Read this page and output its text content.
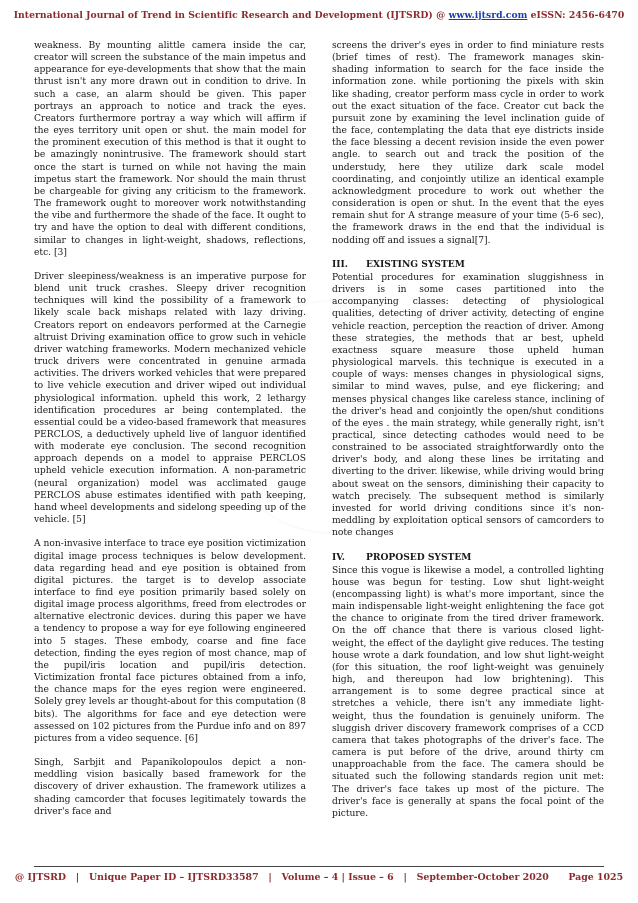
International Journal of Trend in Scientific Research and Development (IJTSRD) @ www.ijtsrd.com eISSN: 2456-6470

weakness. By mounting alittle camera inside the car, creator will screen the substance of the main impetus and appearance for eye-developments that show that the main thrust isn't any more drawn out in condition to drive. In such a case, an alarm should be given. This paper portrays an approach to notice and track the eyes. Creators furthermore portray a way which will affirm if the eyes territory unit open or shut. the main model for the prominent execution of this method is that it ought to be amazingly nonintrusive. The framework should start once the start is turned on while not having the main impetus start the framework. Nor should the main thrust be chargeable for giving any criticism to the framework. The framework ought to moreover work notwithstanding the vibe and furthermore the shade of the face. It ought to try and have the option to deal with different conditions, similar to changes in light-weight, shadows, reflections, etc. [3]

Driver sleepiness/weakness is an imperative purpose for blend unit truck crashes. Sleepy driver recognition techniques will kind the possibility of a framework to likely scale back mishaps related with lazy driving. Creators report on endeavors performed at the Carnegie altruist Driving examination office to grow such in vehicle driver watching frameworks. Modern mechanized vehicle truck drivers were concentrated in genuine armada activities. The drivers worked vehicles that were prepared to live vehicle execution and driver wiped out individual physiological information. upheld this work, 2 lethargy identification procedures ar being contemplated. the essential could be a video-based framework that measures PERCLOS, a deductively upheld live of languor identified with moderate eye conclusion. The second recognition approach depends on a model to appraise PERCLOS upheld vehicle execution information. A non-parametric (neural organization) model was acclimated gauge PERCLOS abuse estimates identified with path keeping, hand wheel developments and sidelong speeding up of the vehicle. [5]

A non-invasive interface to trace eye position victimization digital image process techniques is below development. data regarding head and eye position is obtained from digital pictures. the target is to develop associate interface to find eye position primarily based solely on digital image process algorithms, freed from electrodes or alternative electronic devices. during this paper we have a tendency to propose a way for eye following engineered into 5 stages. These embody, coarse and fine face detection, finding the eyes region of most chance, map of the pupil/iris location and pupil/iris detection. Victimization frontal face pictures obtained from a info, the chance maps for the eyes region were engineered. Solely grey levels ar thought-about for this computation (8 bits). The algorithms for face and eye detection were assessed on 102 pictures from the Purdue info and on 897 pictures from a video sequence. [6]

Singh, Sarbjit and Papanikolopoulos depict a non-meddling vision basically based framework for the discovery of driver exhaustion. The framework utilizes a shading camcorder that focuses legitimately towards the driver's face and

screens the driver's eyes in order to find miniature rests (brief times of rest). The framework manages skin-shading information to search for the face inside the information zone. while portioning the pixels with skin like shading, creator perform mass cycle in order to work out the exact situation of the face. Creator cut back the pursuit zone by examining the level inclination guide of the face, contemplating the data that eye districts inside the face blessing a decent revision inside the even power angle. to search out and track the position of the understudy, here they utilize dark scale model coordinating, and conjointly utilize an identical example acknowledgment procedure to work out whether the consideration is open or shut. In the event that the eyes remain shut for A strange measure of your time (5-6 sec), the framework draws in the end that the individual is nodding off and issues a signal[7].

III. EXISTING SYSTEM

Potential procedures for examination sluggishness in drivers is in some cases partitioned into the accompanying classes: detecting of physiological qualities, detecting of driver activity, detecting of engine vehicle reaction, perception the reaction of driver. Among these strategies, the methods that ar best, upheld exactness square measure those upheld human physiological marvels. this technique is executed in a couple of ways: menses changes in physiological signs, similar to mind waves, pulse, and eye flickering; and menses physical changes like careless stance, inclining of the driver's head and conjointly the open/shut conditions of the eyes . the main strategy, while generally right, isn't practical, since detecting cathodes would need to be constrained to be associated straightforwardly onto the driver's body, and along these lines be irritating and diverting to the driver. likewise, while driving would bring about sweat on the sensors, diminishing their capacity to watch precisely. The subsequent method is similarly invested for world driving conditions since it's non-meddling by exploitation optical sensors of camcorders to note changes

IV. PROPOSED SYSTEM

Since this vogue is likewise a model, a controlled lighting house was begun for testing. Low shut light-weight (encompassing light) is what's more important, since the main indispensable light-weight enlightening the face got the chance to originate from the tired driver framework. On the off chance that there is various closed light-weight, the effect of the daylight give reduces. The testing house wrote a dark foundation, and low shut light-weight (for this situation, the roof light-weight was genuinely high, and thereupon had low brightening). This arrangement is to some degree practical since at stretches a vehicle, there isn't any immediate light-weight, thus the foundation is genuinely uniform. The sluggish driver discovery framework comprises of a CCD camera that takes photographs of the driver's face. The camera is put before of the drive, around thirty cm unapproachable from the face. The camera should be situated such the following standards region unit met: The driver's face takes up most of the picture. The driver's face is generally at spans the focal point of the picture.

@ IJTSRD   |   Unique Paper ID – IJTSRD33587   |   Volume – 4 | Issue – 6   |   September-October 2020      Page 1025
